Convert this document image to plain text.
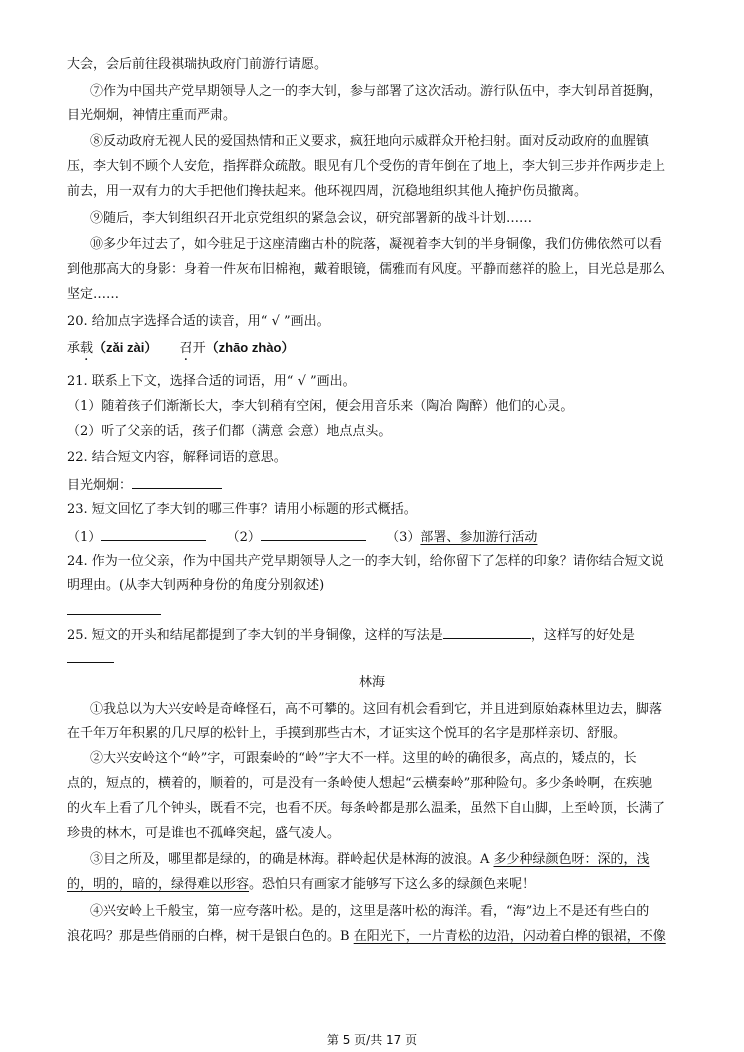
大会，会后前往段祺瑞执政府门前游行请愿。
⑦作为中国共产党早期领导人之一的李大钊，参与部署了这次活动。游行队伍中，李大钊昂首挺胸，
目光炯炯，神情庄重而严肃。
⑧反动政府无视人民的爱国热情和正义要求，疯狂地向示威群众开枪扫射。面对反动政府的血腥镇
压，李大钊不顾个人安危，指挥群众疏散。眼见有几个受伤的青年倒在了地上，李大钊三步并作两步走上
前去，用一双有力的大手把他们搀扶起来。他环视四周，沉稳地组织其他人掩护伤员撤离。
⑨随后，李大钊组织召开北京党组织的紧急会议，研究部署新的战斗计划……
⑩多少年过去了，如今驻足于这座清幽古朴的院落，凝视着李大钊的半身铜像，我们仿佛依然可以看
到他那高大的身影：身着一件灰布旧棉袍，戴着眼镜，儒雅而有风度。平静而慈祥的脸上，目光总是那么
坚定……
20. 给加点字选择合适的读音，用“ √ ”画出。
承载（zǎi zài） 召开（zhāo zhào）
21. 联系上下文，选择合适的词语，用“ √ ”画出。
（1）随着孩子们渐渐长大，李大钊稍有空闲，便会用音乐来（陶冶 陶醉）他们的心灵。
（2）听了父亲的话，孩子们都（满意 会意）地点点头。
22. 结合短文内容，解释词语的意思。
目光炯炯：
23. 短文回忆了李大钊的哪三件事？请用小标题的形式概括。
（1）	（2）	（3）部署、参加游行活动
24. 作为一位父亲，作为中国共产党早期领导人之一的李大钊，给你留下了怎样的印象？请你结合短文说
明理由。(从李大钊两种身份的角度分别叙述)
25. 短文的开头和结尾都提到了李大钊的半身铜像，这样的写法是	，这样写的好处是
林海
①我总以为大兴安岭是奇峰怪石，高不可攀的。这回有机会看到它，并且进到原始森林里边去，脚落
在千年万年积累的几尺厚的松针上，手摸到那些古木，才证实这个悦耳的名字是那样亲切、舒服。
②大兴安岭这个“岭”字，可跟秦岭的“岭”字大不一样。这里的岭的确很多，高点的，矮点的，长
点的，短点的，横着的，顺着的，可是没有一条岭使人想起“云横秦岭”那种险句。多少条岭啊，在疾驰
的火车上看了几个钟头，既看不完，也看不厌。每条岭都是那么温柔，虽然下自山脚，上至岭顶，长满了
珍贵的林木，可是谁也不孤峰突起，盛气凌人。
③目之所及，哪里都是绿的，的确是林海。群岭起伏是林海的波浪。A 多少种绿颜色呀：深的，浅
的，明的，暗的，绿得难以形容。恐怕只有画家才能够写下这么多的绿颜色来呢！
④兴安岭上千般宝，第一应夸落叶松。是的，这里是落叶松的海洋。看，“海”边上不是还有些白的
浪花吗？那是些俏丽的白桦，树干是银白色的。B 在阳光下，一片青松的边沿，闪动着白桦的银裙，不像
第 5 页/共 17 页
